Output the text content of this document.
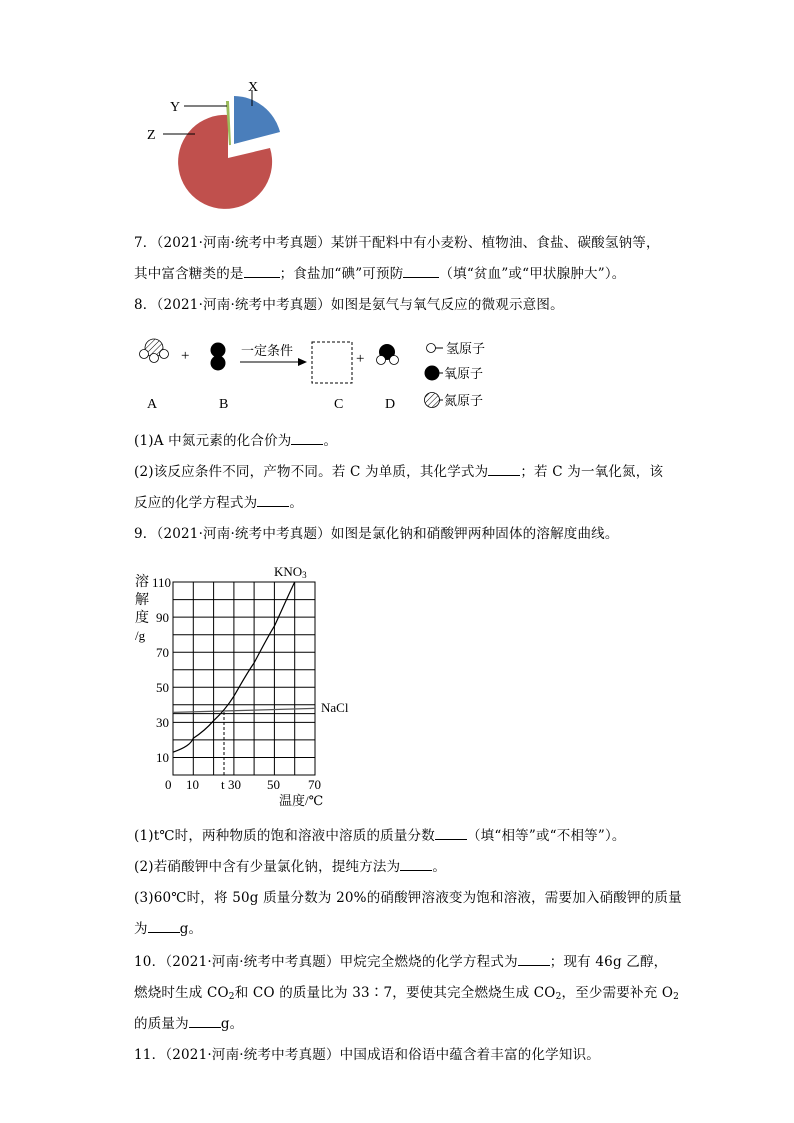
X
Y
Z
7．（2021·河南·统考中考真题）某饼干配料中有小麦粉、植物油、食盐、碳酸氢钠等，
其中富含糖类的是	；食盐加“碘”可预防	（填“贫血”或“甲状腺肿大”）。
8．（2021·河南·统考中考真题）如图是氨气与氧气反应的微观示意图。
+	一定条件
+
A	B	C	D
氢原子
氧原子
氮原子
(1)A 中氮元素的化合价为 。
(2)该反应条件不同，产物不同。若 C 为单质，其化学式为 ；若 C 为一氧化氮，该
反应的化学方程式为 。
9．（2021·河南·统考中考真题）如图是氯化钠和硝酸钾两种固体的溶解度曲线。
溶
解
度
/g
110
90
70
50
30
10
0 10 t 30 50 70
温度/℃
KNO3
NaCl
(1)t℃时，两种物质的饱和溶液中溶质的质量分数 （填“相等”或“不相等”）。
(2)若硝酸钾中含有少量氯化钠，提纯方法为 。
(3)60℃时，将 50g 质量分数为 20%的硝酸钾溶液变为饱和溶液，需要加入硝酸钾的质量
为 g。
10．（2021·河南·统考中考真题）甲烷完全燃烧的化学方程式为 ；现有 46g 乙醇，
燃烧时生成 $CO_2$和 CO 的质量比为 33∶7，要使其完全燃烧生成 $CO_2$，至少需要补充 $O_2$
的质量为 g。
11．（2021·河南·统考中考真题）中国成语和俗语中蕴含着丰富的化学知识。
